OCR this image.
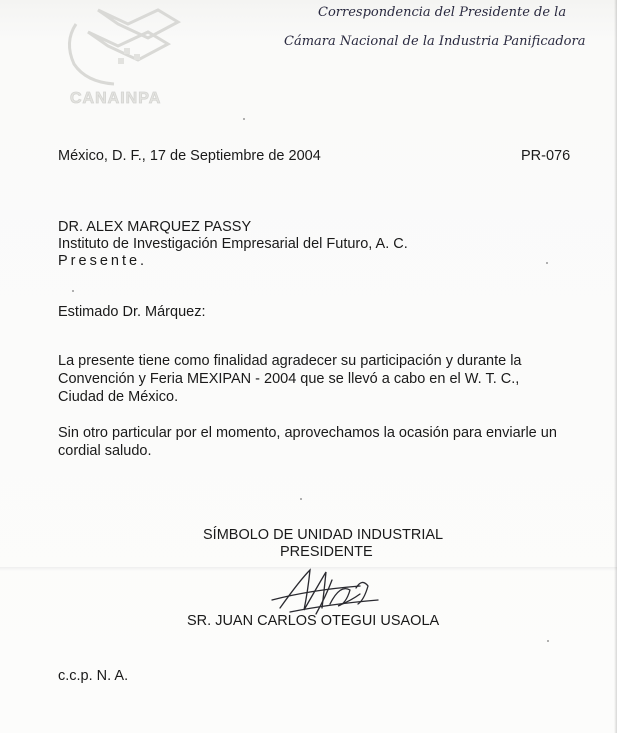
CANAINPA
Correspondencia del Presidente de la
Cámara Nacional de la Industria Panificadora
México, D. F., 17 de Septiembre de 2004	PR-076
DR. ALEX MARQUEZ PASSY
Instituto de Investigación Empresarial del Futuro, A. C.
Presente.
Estimado Dr. Márquez:
La presente tiene como finalidad agradecer su participación y durante la
Convención y Feria MEXIPAN - 2004 que se llevó a cabo en el W. T. C.,
Ciudad de México.
Sin otro particular por el momento, aprovechamos la ocasión para enviarle un
cordial saludo.
SÍMBOLO DE UNIDAD INDUSTRIAL
PRESIDENTE
SR. JUAN CARLOS OTEGUI USAOLA
c.c.p. N. A.
